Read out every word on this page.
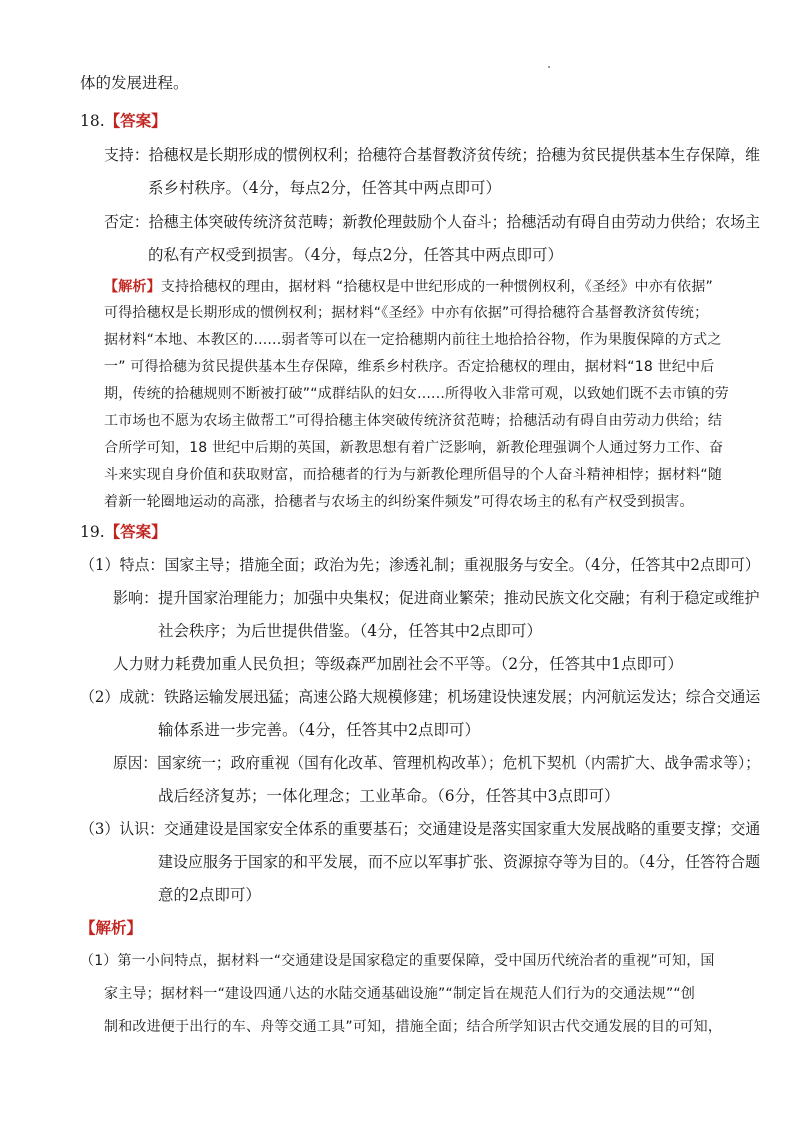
体的发展进程。
18.【答案】
支持：拾穗权是长期形成的惯例权利；拾穗符合基督教济贫传统；拾穗为贫民提供基本生存保障，维
系乡村秩序。（4分，每点2分，任答其中两点即可）
否定：拾穗主体突破传统济贫范畴；新教伦理鼓励个人奋斗；拾穗活动有碍自由劳动力供给；农场主
的私有产权受到损害。（4分，每点2分，任答其中两点即可）
【解析】支持拾穗权的理由，据材料 “拾穗权是中世纪形成的一种惯例权利，《圣经》中亦有依据”
可得拾穗权是长期形成的惯例权利；据材料“《圣经》中亦有依据”可得拾穗符合基督教济贫传统；
据材料“本地、本教区的......弱者等可以在一定拾穗期内前往土地拾拾谷物，作为果腹保障的方式之
一” 可得拾穗为贫民提供基本生存保障，维系乡村秩序。否定拾穗权的理由，据材料“18 世纪中后
期，传统的拾穗规则不断被打破”“成群结队的妇女......所得收入非常可观，以致她们既不去市镇的劳
工市场也不愿为农场主做帮工”可得拾穗主体突破传统济贫范畴；拾穗活动有碍自由劳动力供给；结
合所学可知，18 世纪中后期的英国，新教思想有着广泛影响，新教伦理强调个人通过努力工作、奋
斗来实现自身价值和获取财富，而拾穗者的行为与新教伦理所倡导的个人奋斗精神相悖；据材料“随
着新一轮圈地运动的高涨，拾穗者与农场主的纠纷案件频发”可得农场主的私有产权受到损害。
19.【答案】
（1）特点：国家主导；措施全面；政治为先；渗透礼制；重视服务与安全。（4分，任答其中2点即可）
影响：提升国家治理能力；加强中央集权；促进商业繁荣；推动民族文化交融；有利于稳定或维护
社会秩序；为后世提供借鉴。（4分，任答其中2点即可）
人力财力耗费加重人民负担；等级森严加剧社会不平等。（2分，任答其中1点即可）
（2）成就：铁路运输发展迅猛；高速公路大规模修建；机场建设快速发展；内河航运发达；综合交通运
输体系进一步完善。（4分，任答其中2点即可）
原因：国家统一；政府重视（国有化改革、管理机构改革）；危机下契机（内需扩大、战争需求等）；
战后经济复苏；一体化理念；工业革命。（6分，任答其中3点即可）
（3）认识：交通建设是国家安全体系的重要基石；交通建设是落实国家重大发展战略的重要支撑；交通
建设应服务于国家的和平发展，而不应以军事扩张、资源掠夺等为目的。（4分，任答符合题
意的2点即可）
【解析】
（1）第一小问特点，据材料一“交通建设是国家稳定的重要保障，受中国历代统治者的重视”可知，国
家主导；据材料一“建设四通八达的水陆交通基础设施”“制定旨在规范人们行为的交通法规”“创
制和改进便于出行的车、舟等交通工具”可知，措施全面；结合所学知识古代交通发展的目的可知，
